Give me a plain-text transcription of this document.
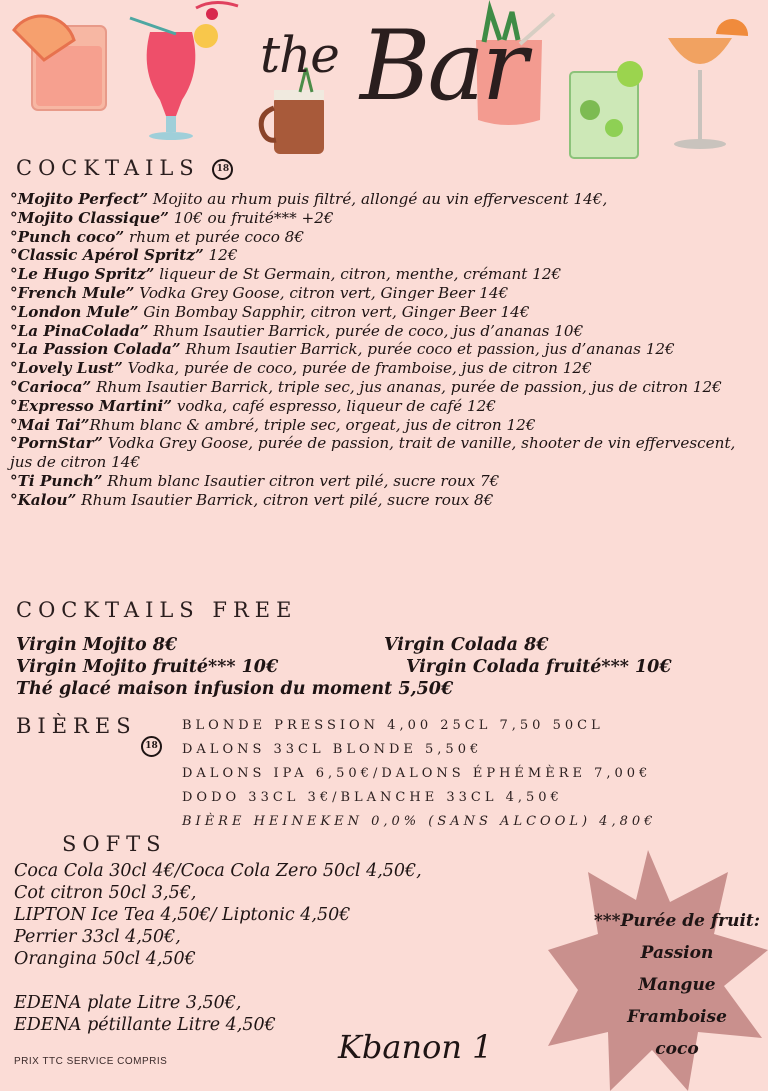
the Bar
COCKTAILS 18
°Mojito Perfect” Mojito au rhum puis filtré, allongé au vin effervescent 14€,
°Mojito Classique” 10€ ou fruité*** +2€
°Punch coco” rhum et purée coco 8€
°Classic Apérol Spritz” 12€
°Le Hugo Spritz” liqueur de St Germain, citron, menthe, crémant 12€
°French Mule” Vodka Grey Goose, citron vert, Ginger Beer 14€
°London Mule” Gin Bombay Sapphir, citron vert, Ginger Beer 14€
°La PinaColada” Rhum Isautier Barrick, purée de coco, jus d’ananas 10€
°La Passion Colada” Rhum Isautier Barrick, purée coco et passion, jus d’ananas 12€
°Lovely Lust” Vodka, purée de coco, purée de framboise, jus de citron 12€
°Carioca” Rhum Isautier Barrick, triple sec, jus ananas, purée de passion, jus de citron 12€
°Expresso Martini” vodka, café espresso, liqueur de café 12€
°Mai Tai”Rhum blanc & ambré, triple sec, orgeat, jus de citron 12€
°PornStar” Vodka Grey Goose, purée de passion, trait de vanille, shooter de vin effervescent, jus de citron 14€
°Ti Punch” Rhum blanc Isautier citron vert pilé, sucre roux 7€
°Kalou” Rhum Isautier Barrick, citron vert pilé, sucre roux 8€
COCKTAILS FREE
Virgin Mojito 8€	Virgin Colada 8€
Virgin Mojito fruité*** 10€	Virgin Colada fruité*** 10€
Thé glacé maison infusion du moment 5,50€
BIÈRES
18
BLONDE PRESSION 4,00 25CL 7,50 50CL
DALONS 33CL BLONDE 5,50€
DALONS IPA 6,50€/DALONS ÉPHÉMÈRE 7,00€
DODO 33CL 3€/BLANCHE 33CL 4,50€
BIÈRE HEINEKEN 0,0% (SANS ALCOOL) 4,80€
SOFTS
Coca Cola 30cl 4€/Coca Cola Zero 50cl 4,50€,
Cot citron 50cl 3,5€,
LIPTON Ice Tea 4,50€/ Liptonic 4,50€
Perrier 33cl 4,50€,
Orangina 50cl 4,50€
EDENA plate Litre 3,50€,
EDENA pétillante Litre 4,50€
Kbanon 1
***Purée de fruit:
Passion
Mangue
Framboise
coco
PRIX TTC SERVICE COMPRIS
